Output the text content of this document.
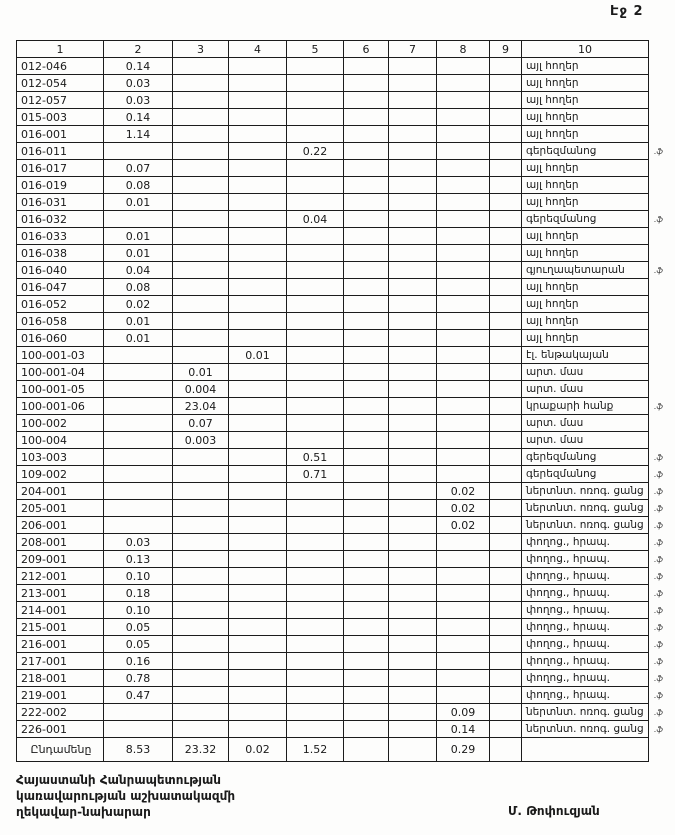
Էջ 2
1	2	3	4	5	6	7	8	9	10	
012-046	0.14								այլ հողեր	
012-054	0.03								այլ հողեր	
012-057	0.03								այլ հողեր	
015-003	0.14								այլ հողեր	
016-001	1.14								այլ հողեր	
016-011				0.22					գերեզմանոց	.ֆ
016-017	0.07								այլ հողեր	
016-019	0.08								այլ հողեր	
016-031	0.01								այլ հողեր	
016-032				0.04					գերեզմանոց	.ֆ
016-033	0.01								այլ հողեր	
016-038	0.01								այլ հողեր	
016-040	0.04								գյուղապետարան	.ֆ
016-047	0.08								այլ հողեր	
016-052	0.02								այլ հողեր	
016-058	0.01								այլ հողեր	
016-060	0.01								այլ հողեր	
100-001-03			0.01						էլ. ենթակայան	
100-001-04		0.01							արտ. մաս	
100-001-05		0.004							արտ. մաս	
100-001-06		23.04							կրաքարի հանք	.ֆ
100-002		0.07							արտ. մաս	
100-004		0.003							արտ. մաս	
103-003				0.51					գերեզմանոց	.ֆ
109-002				0.71					գերեզմանոց	.ֆ
204-001							0.02		ներտնտ. ոռոգ. ցանց	.ֆ
205-001							0.02		ներտնտ. ոռոգ. ցանց	.ֆ
206-001							0.02		ներտնտ. ոռոգ. ցանց	.ֆ
208-001	0.03								փողոց., հրապ.	.ֆ
209-001	0.13								փողոց., հրապ.	.ֆ
212-001	0.10								փողոց., հրապ.	.ֆ
213-001	0.18								փողոց., հրապ.	.ֆ
214-001	0.10								փողոց., հրապ.	.ֆ
215-001	0.05								փողոց., հրապ.	.ֆ
216-001	0.05								փողոց., հրապ.	.ֆ
217-001	0.16								փողոց., հրապ.	.ֆ
218-001	0.78								փողոց., հրապ.	.ֆ
219-001	0.47								փողոց., հրապ.	.ֆ
222-002							0.09		ներտնտ. ոռոգ. ցանց	.ֆ
226-001							0.14		ներտնտ. ոռոգ. ցանց	.ֆ
Ընդամենը	8.53	23.32	0.02	1.52			0.29			
Հայաստանի Հանրապետության
կառավարության աշխատակազմի
ղեկավար-նախարար	Մ. Թոփուզյան
